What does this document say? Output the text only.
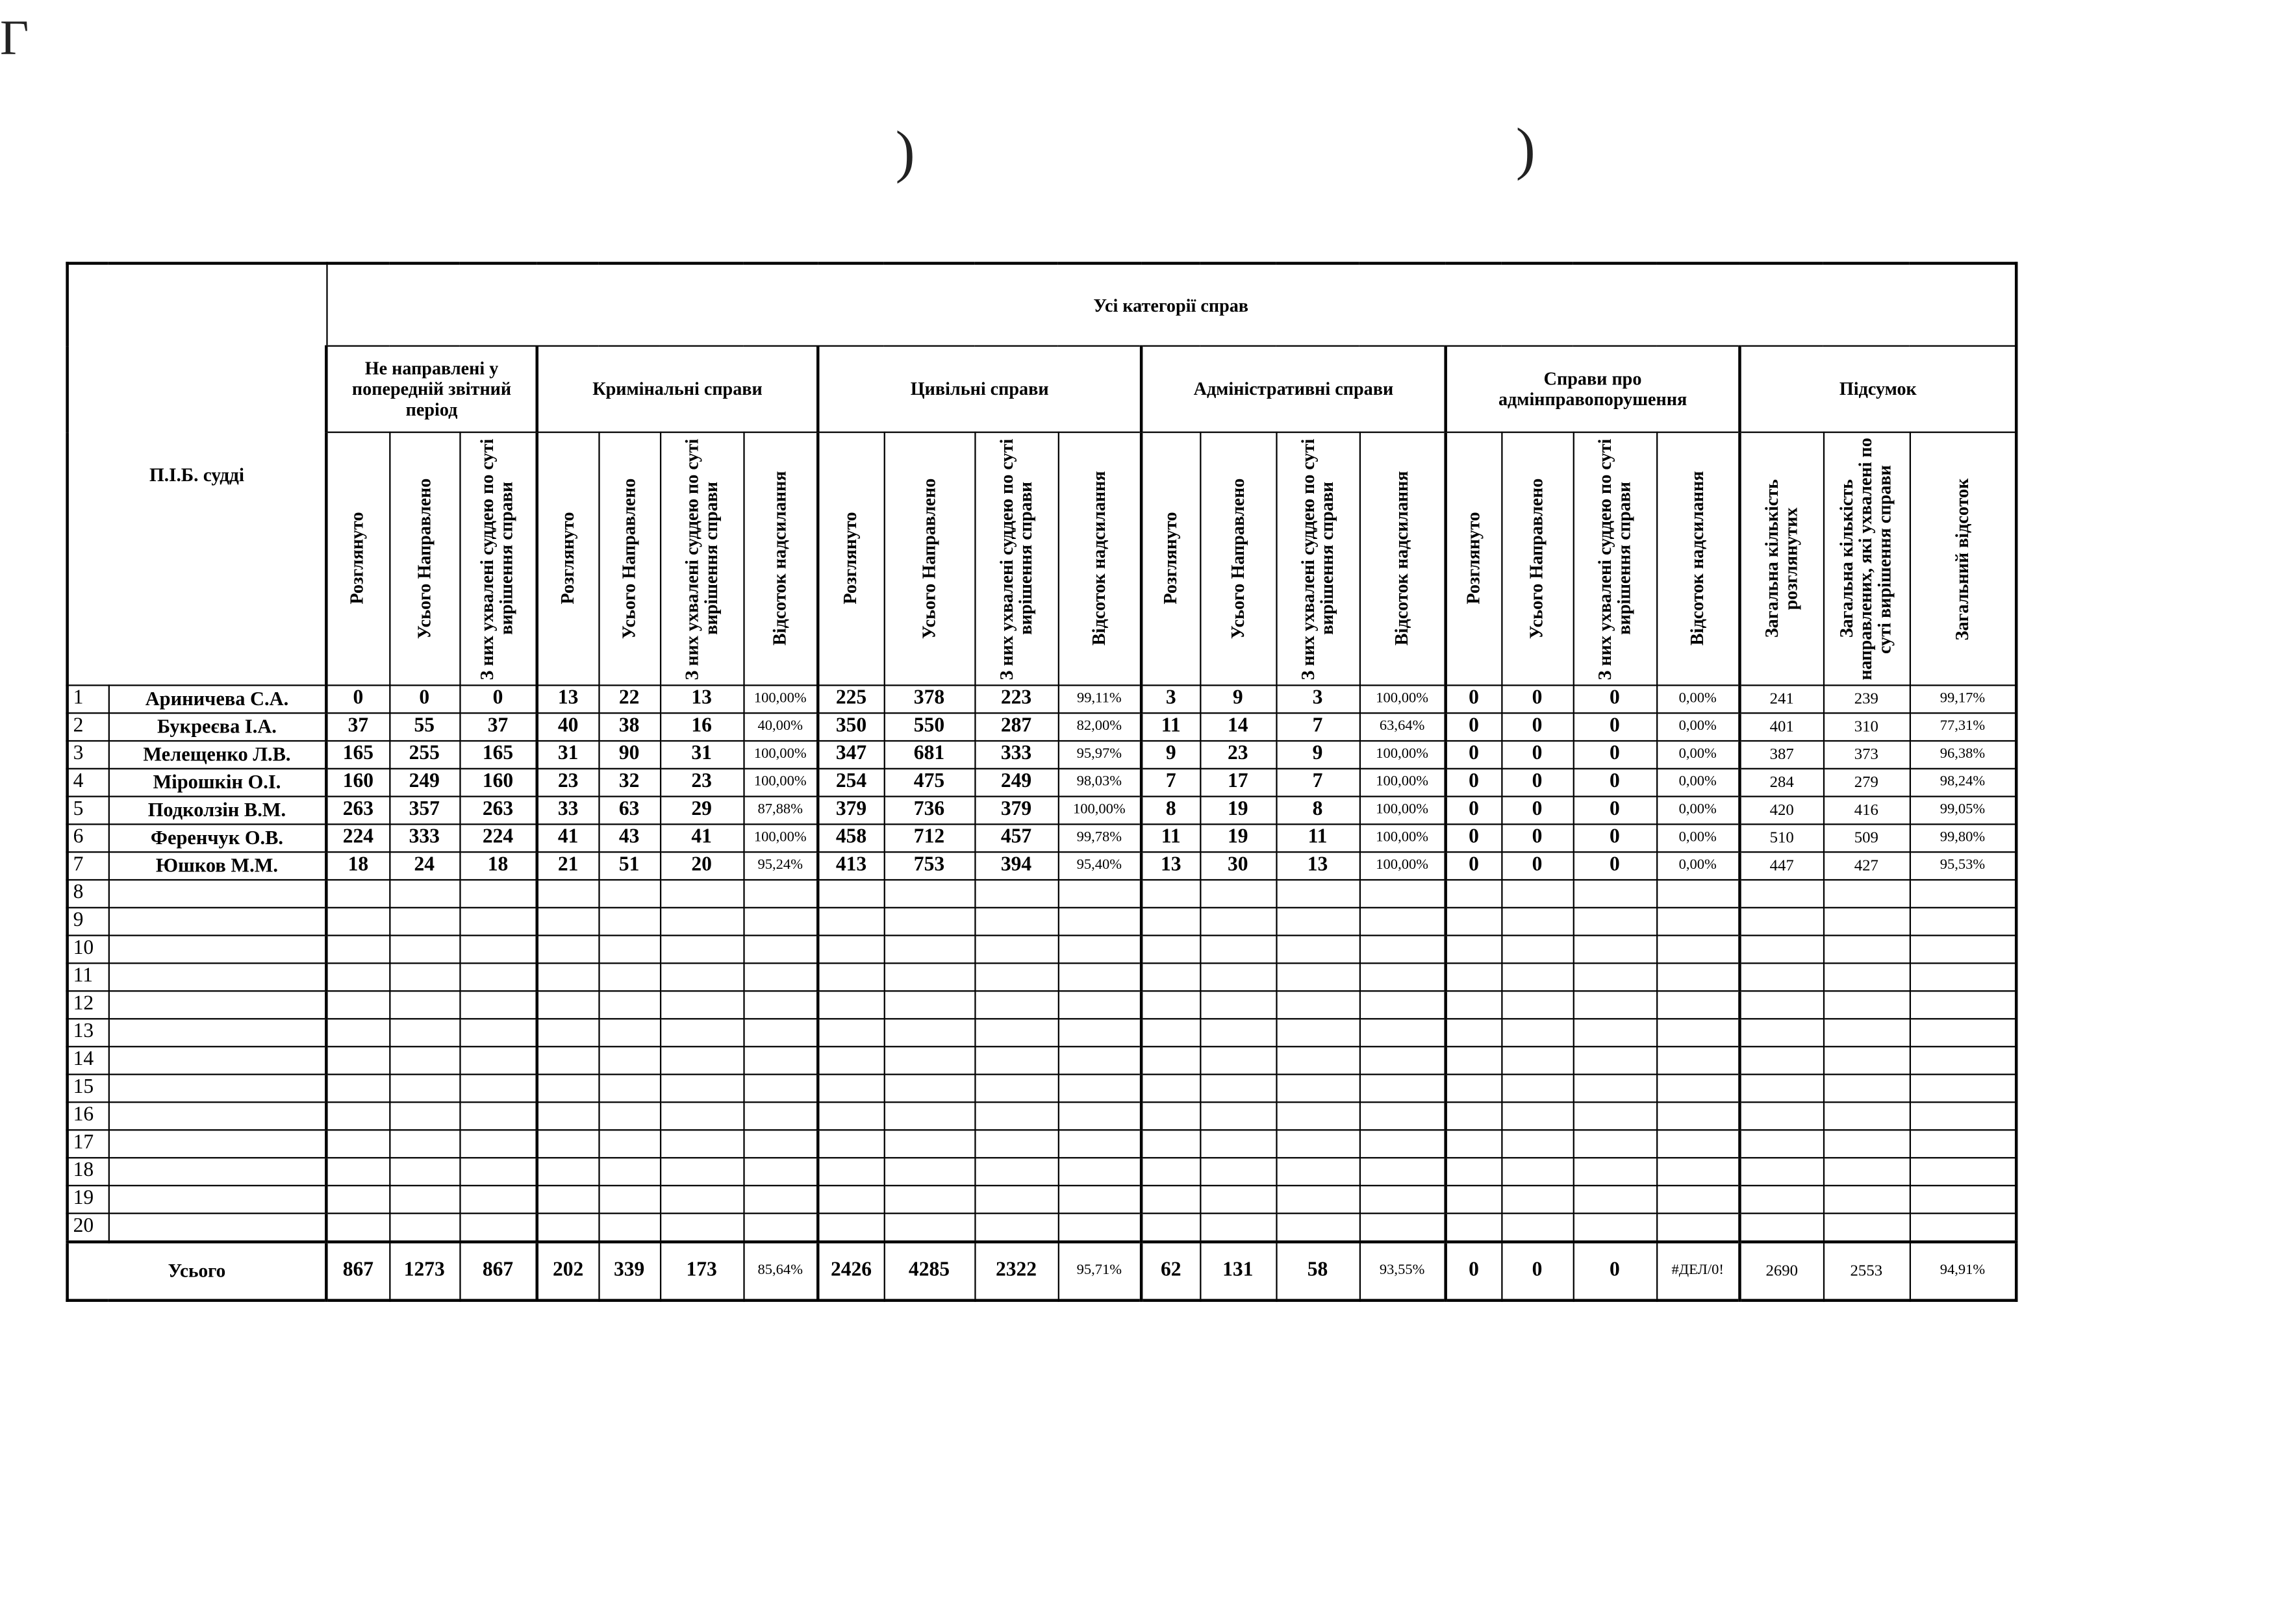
Γ
)	)
П.І.Б. судді		Усі категорії справ																					
		Не направлені у попередній звітний період			Кримінальні справи				Цивільні справи				Адміністративні справи				Справи про адмінправопорушення				Підсумок		

		Розглянуто	Усього Направлено	З них ухвалені суддею по суті вирішення справи	Розглянуто	Усього Направлено	З них ухвалені суддею по суті вирішення справи	Відсоток надсилання	Розглянуто	Усього Направлено	З них ухвалені суддею по суті вирішення справи	Відсоток надсилання	Розглянуто	Усього Направлено	З них ухвалені суддею по суті вирішення справи	Відсоток надсилання	Розглянуто	Усього Направлено	З них ухвалені суддею по суті вирішення справи	Відсоток надсилання	Загальна кількість розглянутих	Загальна кількість направлених, які ухвалені по суті вирішення справи	Загальний відсоток

1	Ариничева С.А.	0	0	0	13	22	13	100,00%	225	378	223	99,11%	3	9	3	100,00%	0	0	0	0,00%	241	239	99,17%
2	Букреєва І.А.	37	55	37	40	38	16	40,00%	350	550	287	82,00%	11	14	7	63,64%	0	0	0	0,00%	401	310	77,31%
3	Мелещенко Л.В.	165	255	165	31	90	31	100,00%	347	681	333	95,97%	9	23	9	100,00%	0	0	0	0,00%	387	373	96,38%
4	Мірошкін О.І.	160	249	160	23	32	23	100,00%	254	475	249	98,03%	7	17	7	100,00%	0	0	0	0,00%	284	279	98,24%
5	Подколзін В.М.	263	357	263	33	63	29	87,88%	379	736	379	100,00%	8	19	8	100,00%	0	0	0	0,00%	420	416	99,05%
6	Ференчук О.В.	224	333	224	41	43	41	100,00%	458	712	457	99,78%	11	19	11	100,00%	0	0	0	0,00%	510	509	99,80%
7	Юшков М.М.	18	24	18	21	51	20	95,24%	413	753	394	95,40%	13	30	13	100,00%	0	0	0	0,00%	447	427	95,53%
8																							
9																							
10																							
11																							
12																							
13																							
14																							
15																							
16																							
17																							
18																							
19																							
20																							
Усього		867	1273	867	202	339	173	85,64%	2426	4285	2322	95,71%	62	131	58	93,55%	0	0	0	#ДЕЛ/0!	2690	2553	94,91%
